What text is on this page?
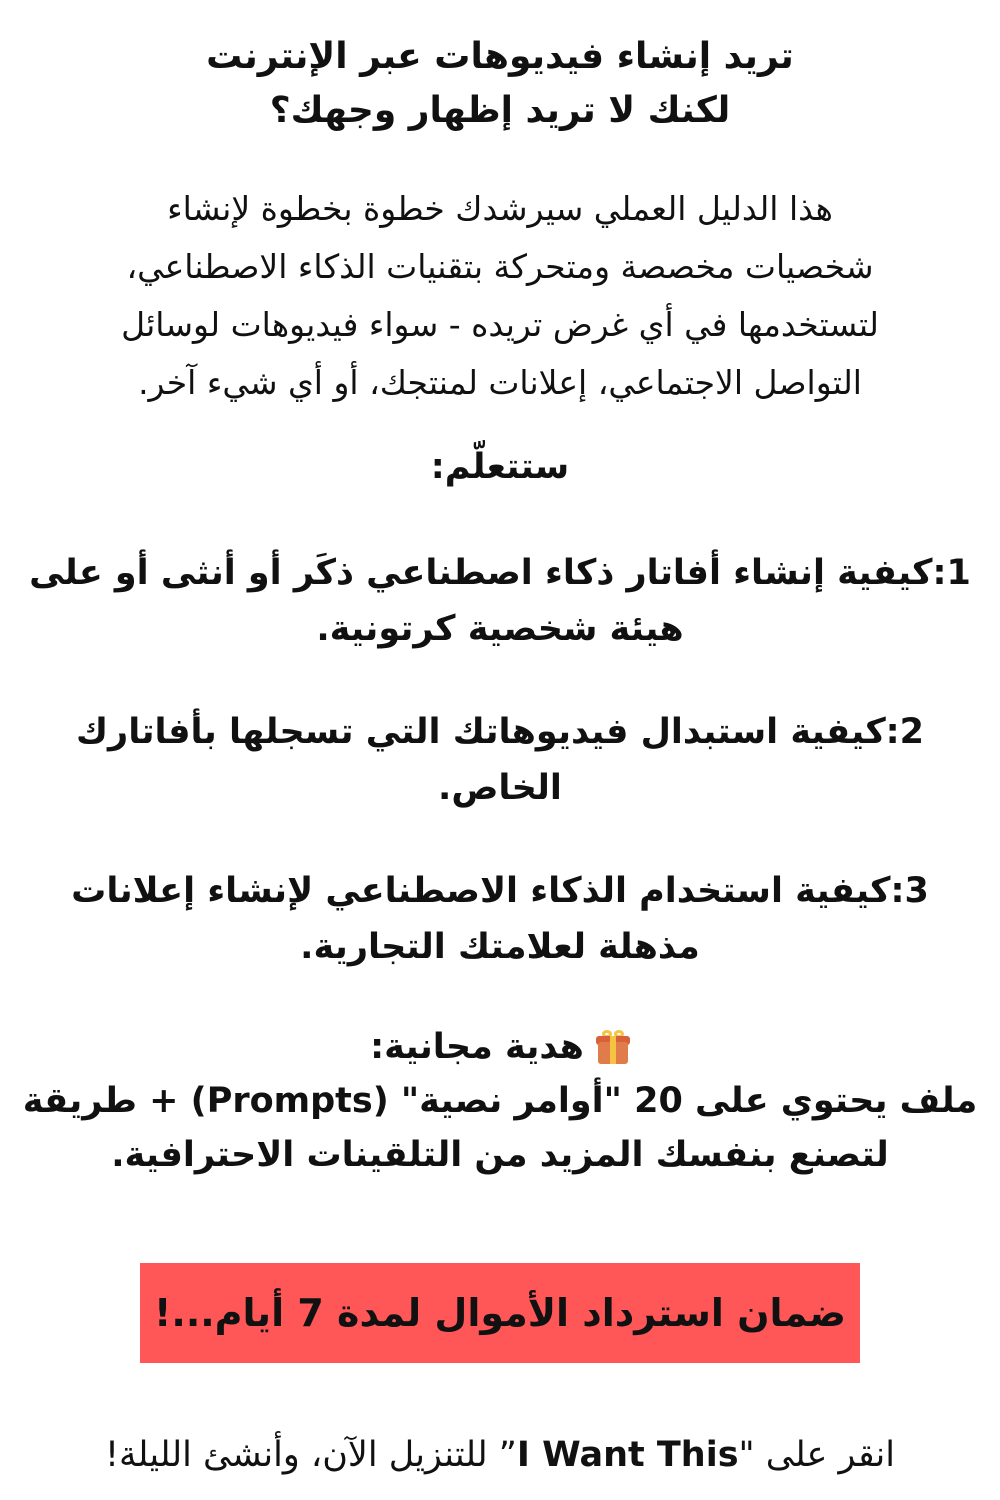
تريد إنشاء فيديوهات عبر الإنترنت
لكنك لا تريد إظهار وجهك؟

هذا الدليل العملي سيرشدك خطوة بخطوة لإنشاء
شخصيات مخصصة ومتحركة بتقنيات الذكاء الاصطناعي،
لتستخدمها في أي غرض تريده - سواء فيديوهات لوسائل
التواصل الاجتماعي، إعلانات لمنتجك، أو أي شيء آخر.

ستتعلّم:

1:كيفية إنشاء أفاتار ذكاء اصطناعي ذكَر أو أنثى أو على
هيئة شخصية كرتونية.

2:كيفية استبدال فيديوهاتك التي تسجلها بأفاتارك
الخاص.

3:كيفية استخدام الذكاء الاصطناعي لإنشاء إعلانات
مذهلة لعلامتك التجارية.

هدية مجانية:
ملف يحتوي على 20 "أوامر نصية" (Prompts) + طريقة
لتصنع بنفسك المزيد من التلقينات الاحترافية.
ضمان استرداد الأموال لمدة 7 أيام...!

انقر على "I Want This” للتنزيل الآن، وأنشئ الليلة!
